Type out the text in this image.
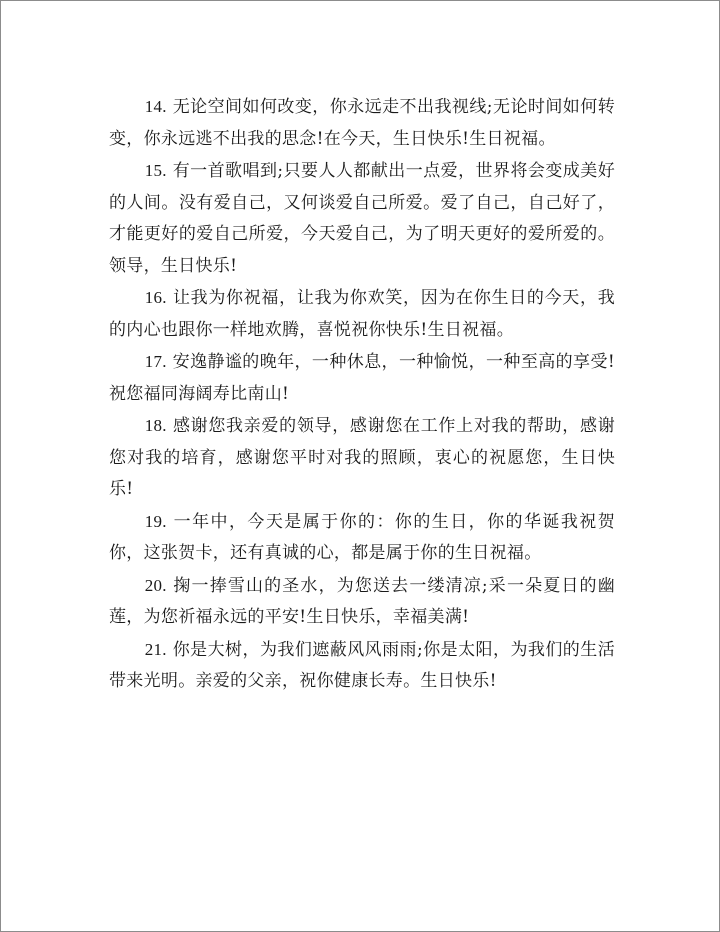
14. 无论空间如何改变，你永远走不出我视线;无论时间如何转变，你永远逃不出我的思念!在今天，生日快乐!生日祝福。

15. 有一首歌唱到;只要人人都献出一点爱，世界将会变成美好的人间。没有爱自己，又何谈爱自己所爱。爱了自己，自己好了，才能更好的爱自己所爱，今天爱自己，为了明天更好的爱所爱的。领导，生日快乐!

16. 让我为你祝福，让我为你欢笑，因为在你生日的今天，我的内心也跟你一样地欢腾，喜悦祝你快乐!生日祝福。

17. 安逸静谧的晚年，一种休息，一种愉悦，一种至高的享受!祝您福同海阔寿比南山!

18. 感谢您我亲爱的领导，感谢您在工作上对我的帮助，感谢您对我的培育，感谢您平时对我的照顾，衷心的祝愿您，生日快乐!

19. 一年中，今天是属于你的：你的生日，你的华诞我祝贺你，这张贺卡，还有真诚的心，都是属于你的生日祝福。

20. 掬一捧雪山的圣水，为您送去一缕清凉;采一朵夏日的幽莲，为您祈福永远的平安!生日快乐，幸福美满!

21. 你是大树，为我们遮蔽风风雨雨;你是太阳，为我们的生活带来光明。亲爱的父亲，祝你健康长寿。生日快乐!
